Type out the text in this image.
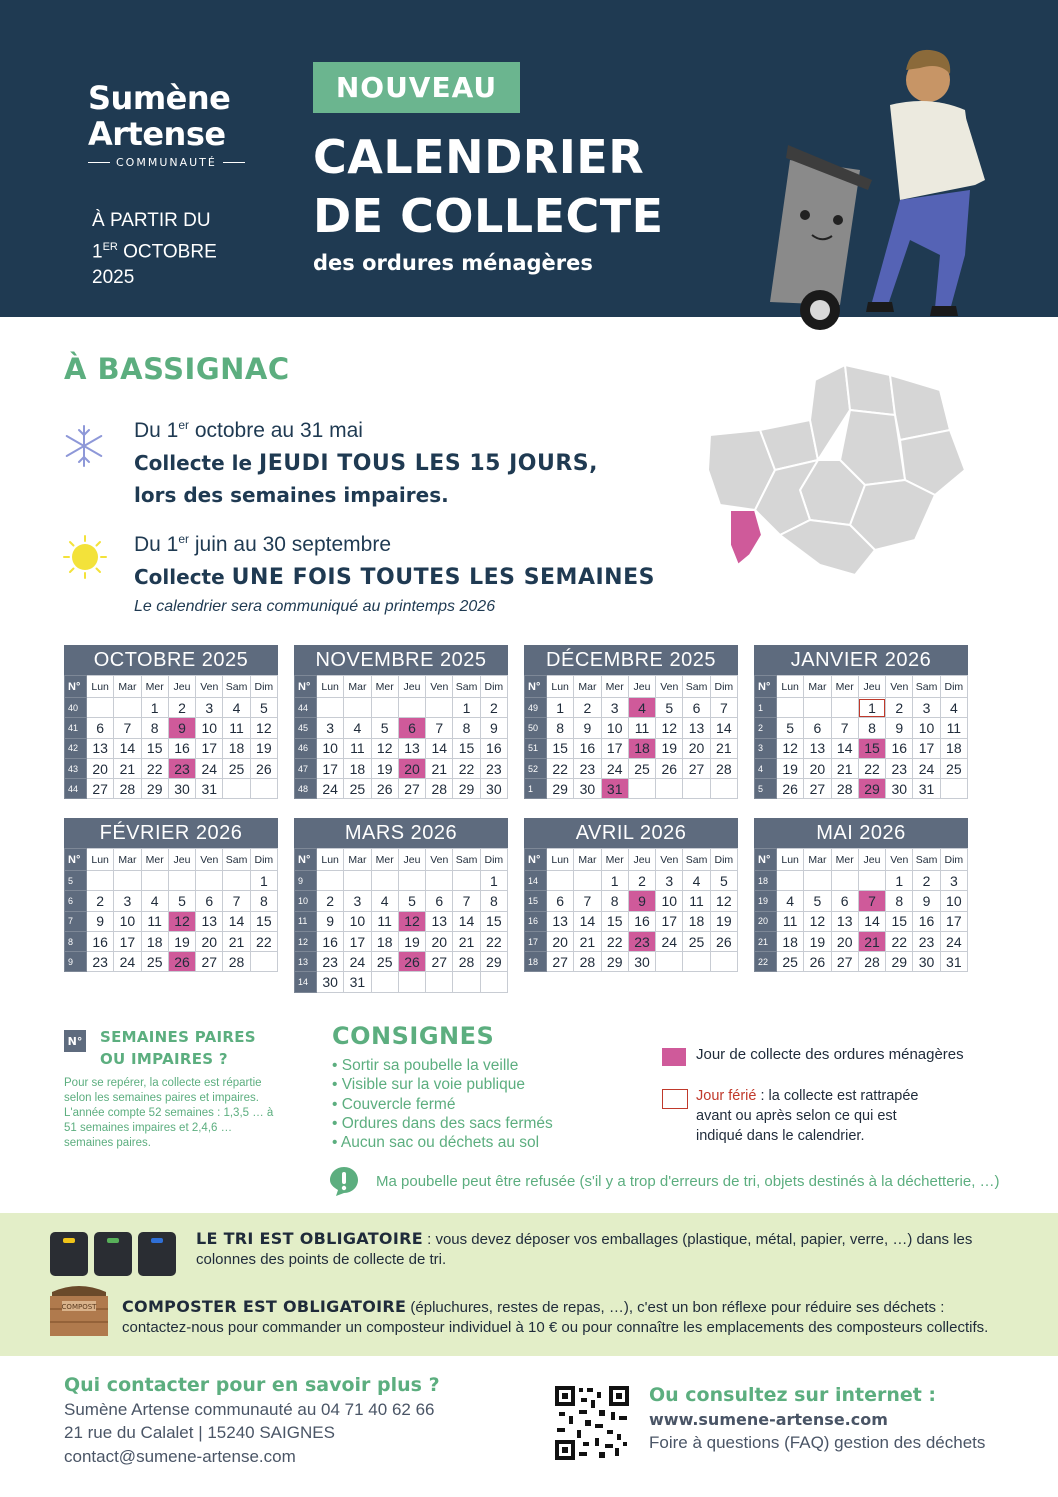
Sumène
Artense
COMMUNAUTÉ
À PARTIR DU
1ER OCTOBRE
2025
NOUVEAU
CALENDRIER
DE COLLECTE
des ordures ménagères
À BASSIGNAC
Du 1er octobre au 31 mai
Collecte le JEUDI TOUS LES 15 JOURS,
lors des semaines impaires.
Du 1er juin au 30 septembre
Collecte UNE FOIS TOUTES LES SEMAINES
Le calendrier sera communiqué au printemps 2026
OCTOBRE 2025
N°	Lun	Mar	Mer	Jeu	Ven	Sam	Dim
40			1	2	3	4	5
41	6	7	8	9	10	11	12
42	13	14	15	16	17	18	19
43	20	21	22	23	24	25	26
44	27	28	29	30	31		
NOVEMBRE 2025
N°	Lun	Mar	Mer	Jeu	Ven	Sam	Dim
44						1	2
45	3	4	5	6	7	8	9
46	10	11	12	13	14	15	16
47	17	18	19	20	21	22	23
48	24	25	26	27	28	29	30
DÉCEMBRE 2025
N°	Lun	Mar	Mer	Jeu	Ven	Sam	Dim
49	1	2	3	4	5	6	7
50	8	9	10	11	12	13	14
51	15	16	17	18	19	20	21
52	22	23	24	25	26	27	28
1	29	30	31				
JANVIER 2026
N°	Lun	Mar	Mer	Jeu	Ven	Sam	Dim
1				1	2	3	4
2	5	6	7	8	9	10	11
3	12	13	14	15	16	17	18
4	19	20	21	22	23	24	25
5	26	27	28	29	30	31	
FÉVRIER 2026
N°	Lun	Mar	Mer	Jeu	Ven	Sam	Dim
5							1
6	2	3	4	5	6	7	8
7	9	10	11	12	13	14	15
8	16	17	18	19	20	21	22
9	23	24	25	26	27	28	
MARS 2026
N°	Lun	Mar	Mer	Jeu	Ven	Sam	Dim
9							1
10	2	3	4	5	6	7	8
11	9	10	11	12	13	14	15
12	16	17	18	19	20	21	22
13	23	24	25	26	27	28	29
14	30	31					
AVRIL 2026
N°	Lun	Mar	Mer	Jeu	Ven	Sam	Dim
14			1	2	3	4	5
15	6	7	8	9	10	11	12
16	13	14	15	16	17	18	19
17	20	21	22	23	24	25	26
18	27	28	29	30			
MAI 2026
N°	Lun	Mar	Mer	Jeu	Ven	Sam	Dim
18					1	2	3
19	4	5	6	7	8	9	10
20	11	12	13	14	15	16	17
21	18	19	20	21	22	23	24
22	25	26	27	28	29	30	31
N° SEMAINES PAIRES
OU IMPAIRES ?
Pour se repérer, la collecte est répartie selon les semaines paires et impaires. L'année compte 52 semaines : 1,3,5 … à 51 semaines impaires et 2,4,6 … semaines paires.
CONSIGNES
• Sortir sa poubelle la veille
• Visible sur la voie publique
• Couvercle fermé
• Ordures dans des sacs fermés
• Aucun sac ou déchets au sol
Jour de collecte des ordures ménagères
Jour férié : la collecte est rattrapée avant ou après selon ce qui est indiqué dans le calendrier.
Ma poubelle peut être refusée (s'il y a trop d'erreurs de tri, objets destinés à la déchetterie, …)
COMPOST
LE TRI EST OBLIGATOIRE : vous devez déposer vos emballages (plastique, métal, papier, verre, …) dans les colonnes des points de collecte de tri.
COMPOSTER EST OBLIGATOIRE (épluchures, restes de repas, …), c'est un bon réflexe pour réduire ses déchets : contactez-nous pour commander un composteur individuel à 10 € ou pour connaître les emplacements des composteurs collectifs.
Qui contacter pour en savoir plus ?
Sumène Artense communauté au 04 71 40 62 66
21 rue du Calalet | 15240 SAIGNES
contact@sumene-artense.com
Ou consultez sur internet :
www.sumene-artense.com
Foire à questions (FAQ) gestion des déchets
